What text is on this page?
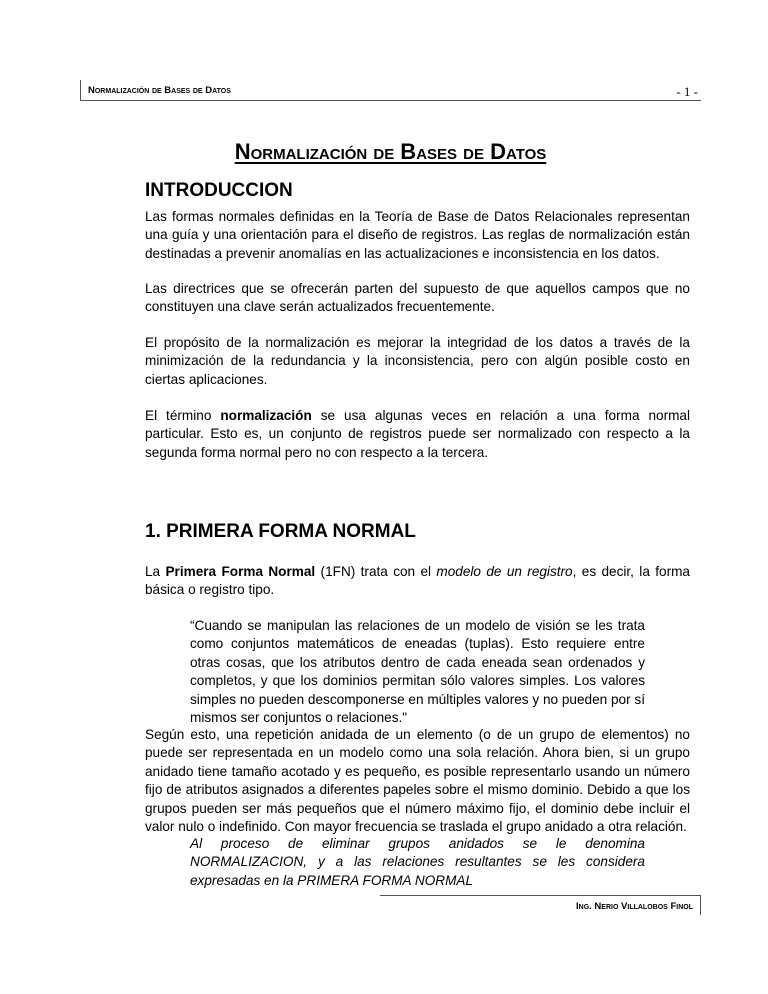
Normalización de Bases de Datos	- 1 -
Normalización de Bases de Datos
INTRODUCCION

Las formas normales definidas en la Teoría de Base de Datos Relacionales representan una guía y una orientación para el diseño de registros. Las reglas de normalización están destinadas a prevenir anomalías en las actualizaciones e inconsistencia en los datos.

Las directrices que se ofrecerán parten del supuesto de que aquellos campos que no constituyen una clave serán actualizados frecuentemente.

El propósito de la normalización es mejorar la integridad de los datos a través de la minimización de la redundancia y la inconsistencia, pero con algún posible costo en ciertas aplicaciones.

El término normalización se usa algunas veces en relación a una forma normal particular. Esto es, un conjunto de registros puede ser normalizado con respecto a la segunda forma normal pero no con respecto a la tercera.

1. PRIMERA FORMA NORMAL

La Primera Forma Normal (1FN) trata con el modelo de un registro, es decir, la forma básica o registro tipo.

“Cuando se manipulan las relaciones de un modelo de visión se les trata como conjuntos matemáticos de eneadas (tuplas). Esto requiere entre otras cosas, que los atributos dentro de cada eneada sean ordenados y completos, y que los dominios permitan sólo valores simples. Los valores simples no pueden descomponerse en múltiples valores y no pueden por sí mismos ser conjuntos o relaciones."

Según esto, una repetición anidada de un elemento (o de un grupo de elementos) no puede ser representada en un modelo como una sola relación. Ahora bien, si un grupo anidado tiene tamaño acotado y es pequeño, es posible representarlo usando un número fijo de atributos asignados a diferentes papeles sobre el mismo dominio. Debido a que los grupos pueden ser más pequeños que el número máximo fijo, el dominio debe incluir el valor nulo o indefinido. Con mayor frecuencia se traslada el grupo anidado a otra relación.

Al proceso de eliminar grupos anidados se le denomina NORMALIZACION, y a las relaciones resultantes se les considera expresadas en la PRIMERA FORMA NORMAL

Ing. Nerio Villalobos Finol
